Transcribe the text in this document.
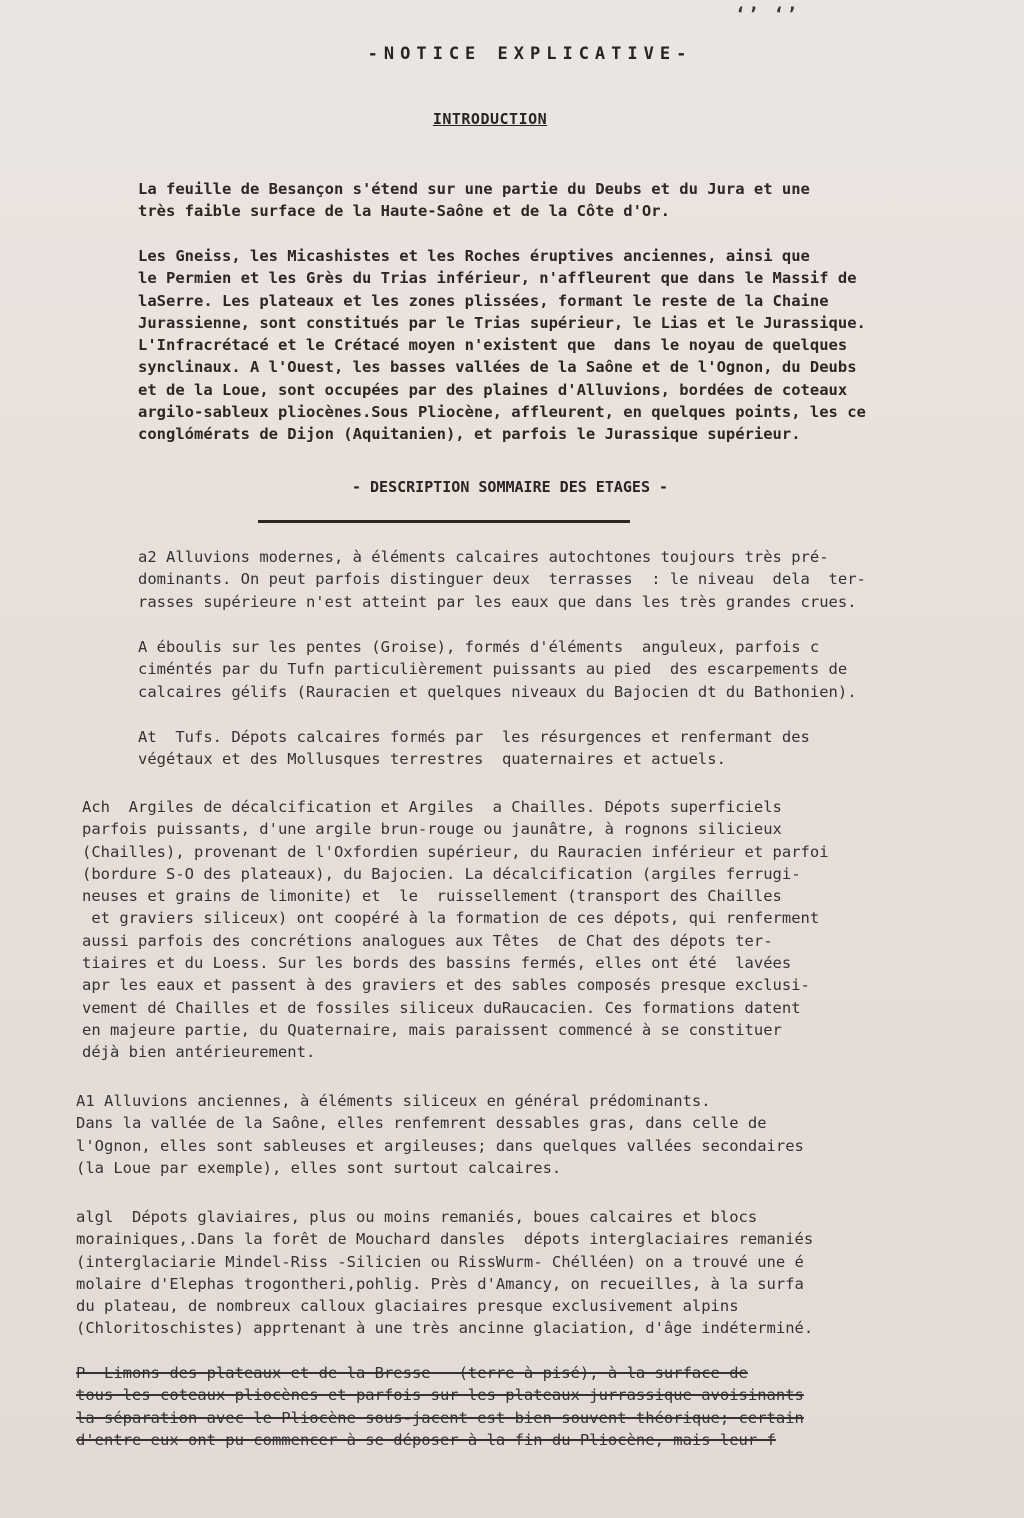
‘’ ‘’
-NOTICE EXPLICATIVE-
INTRODUCTION
La feuille de Besançon s'étend sur une partie du Deubs et du Jura et une
très faible surface de la Haute-Saône et de la Côte d'Or.
Les Gneiss, les Micashistes et les Roches éruptives anciennes, ainsi que
le Permien et les Grès du Trias inférieur, n'affleurent que dans le Massif de
laSerre. Les plateaux et les zones plissées, formant le reste de la Chaine
Jurassienne, sont constitués par le Trias supérieur, le Lias et le Jurassique.
L'Infracrétacé et le Crétacé moyen n'existent que  dans le noyau de quelques
synclinaux. A l'Ouest, les basses vallées de la Saône et de l'Ognon, du Deubs
et de la Loue, sont occupées par des plaines d'Alluvions, bordées de coteaux
argilo-sableux pliocènes.Sous Pliocène, affleurent, en quelques points, les ce
conglómérats de Dijon (Aquitanien), et parfois le Jurassique supérieur.
- DESCRIPTION SOMMAIRE DES ETAGES -
a2 Alluvions modernes, à éléments calcaires autochtones toujours très pré-
dominants. On peut parfois distinguer deux  terrasses  : le niveau  dela  ter-
rasses supérieure n'est atteint par les eaux que dans les très grandes crues.
A éboulis sur les pentes (Groise), formés d'éléments  anguleux, parfois c
ciméntés par du Tufn particulièrement puissants au pied  des escarpements de
calcaires gélifs (Rauracien et quelques niveaux du Bajocien dt du Bathonien).
At  Tufs. Dépots calcaires formés par  les résurgences et renfermant des
végétaux et des Mollusques terrestres  quaternaires et actuels.
Ach  Argiles de décalcification et Argiles  a Chailles. Dépots superficiels
parfois puissants, d'une argile brun-rouge ou jaunâtre, à rognons silicieux
(Chailles), provenant de l'Oxfordien supérieur, du Rauracien inférieur et parfoi
(bordure S-O des plateaux), du Bajocien. La décalcification (argiles ferrugi-
neuses et grains de limonite) et  le  ruissellement (transport des Chailles
et graviers siliceux) ont coopéré à la formation de ces dépots, qui renferment
aussi parfois des concrétions analogues aux Têtes  de Chat des dépots ter-
tiaires et du Loess. Sur les bords des bassins fermés, elles ont été  lavées
apr les eaux et passent à des graviers et des sables composés presque exclusi-
vement dé Chailles et de fossiles siliceux duRaucacien. Ces formations datent
en majeure partie, du Quaternaire, mais paraissent commencé à se constituer
déjà bien antérieurement.
A1 Alluvions anciennes, à éléments siliceux en général prédominants.
Dans la vallée de la Saône, elles renfemrent dessables gras, dans celle de
l'Ognon, elles sont sableuses et argileuses; dans quelques vallées secondaires
(la Loue par exemple), elles sont surtout calcaires.
algl  Dépots glaviaires, plus ou moins remaniés, boues calcaires et blocs
morainiques,.Dans la forêt de Mouchard dansles  dépots interglaciaires remaniés
(interglaciarie Mindel-Riss -Silicien ou RissWurm- Chélléen) on a trouvé une é
molaire d'Elephas trogontheri,pohlig. Près d'Amancy, on recueilles, à la surfa
du plateau, de nombreux calloux glaciaires presque exclusivement alpins
(Chloritoschistes) apprtenant à une très ancinne glaciation, d'âge indéterminé.
P  Limons des plateaux et de la Bresse   (terre à pisé), à la surface de
tous les coteaux pliocènes et parfois sur les plateaux jurrassique avoisinants
la séparation avec le Pliocène sous-jacent est bien souvent théorique; certain
d'entre eux ont pu commencer à se déposer à la fin du Pliocène, mais leur f
